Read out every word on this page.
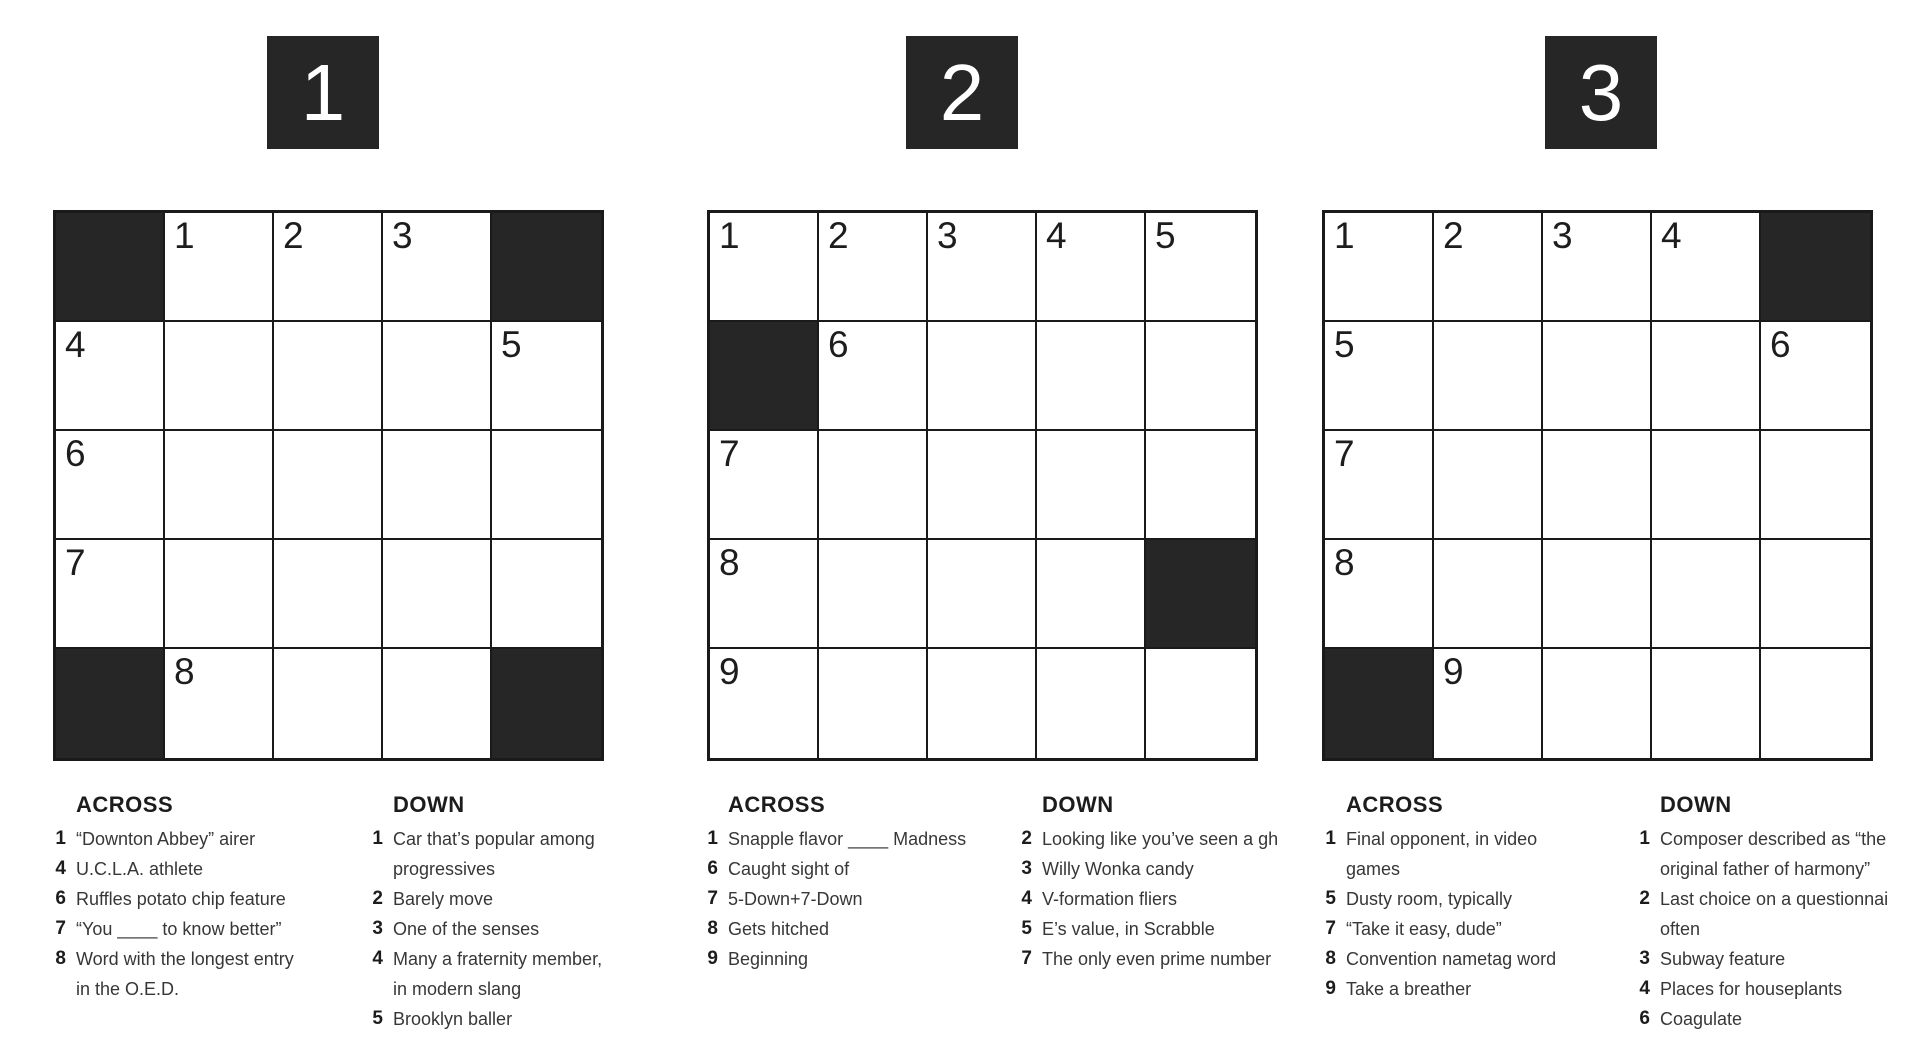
1
1 2 3
4	5
6
7
8
ACROSS
1 “Downton Abbey” airer
4 U.C.L.A. athlete
6 Ruffles potato chip feature
7 “You ____ to know better”
8 Word with the longest entry
in the O.E.D.
DOWN
1 Car that’s popular among
progressives
2 Barely move
3 One of the senses
4 Many a fraternity member,
in modern slang
5 Brooklyn baller
2
1 2 3 4 5
6
7
8
9
ACROSS
1 Snapple flavor ____ Madness
6 Caught sight of
7 5-Down+7-Down
8 Gets hitched
9 Beginning
DOWN
2 Looking like you’ve seen a gh
3 Willy Wonka candy
4 V-formation fliers
5 E’s value, in Scrabble
7 The only even prime number
3
1 2 3 4
5	6
7
8
9
ACROSS
1 Final opponent, in video
games
5 Dusty room, typically
7 “Take it easy, dude”
8 Convention nametag word
9 Take a breather
DOWN
1 Composer described as “the
original father of harmony”
2 Last choice on a questionnai
often
3 Subway feature
4 Places for houseplants
6 Coagulate
